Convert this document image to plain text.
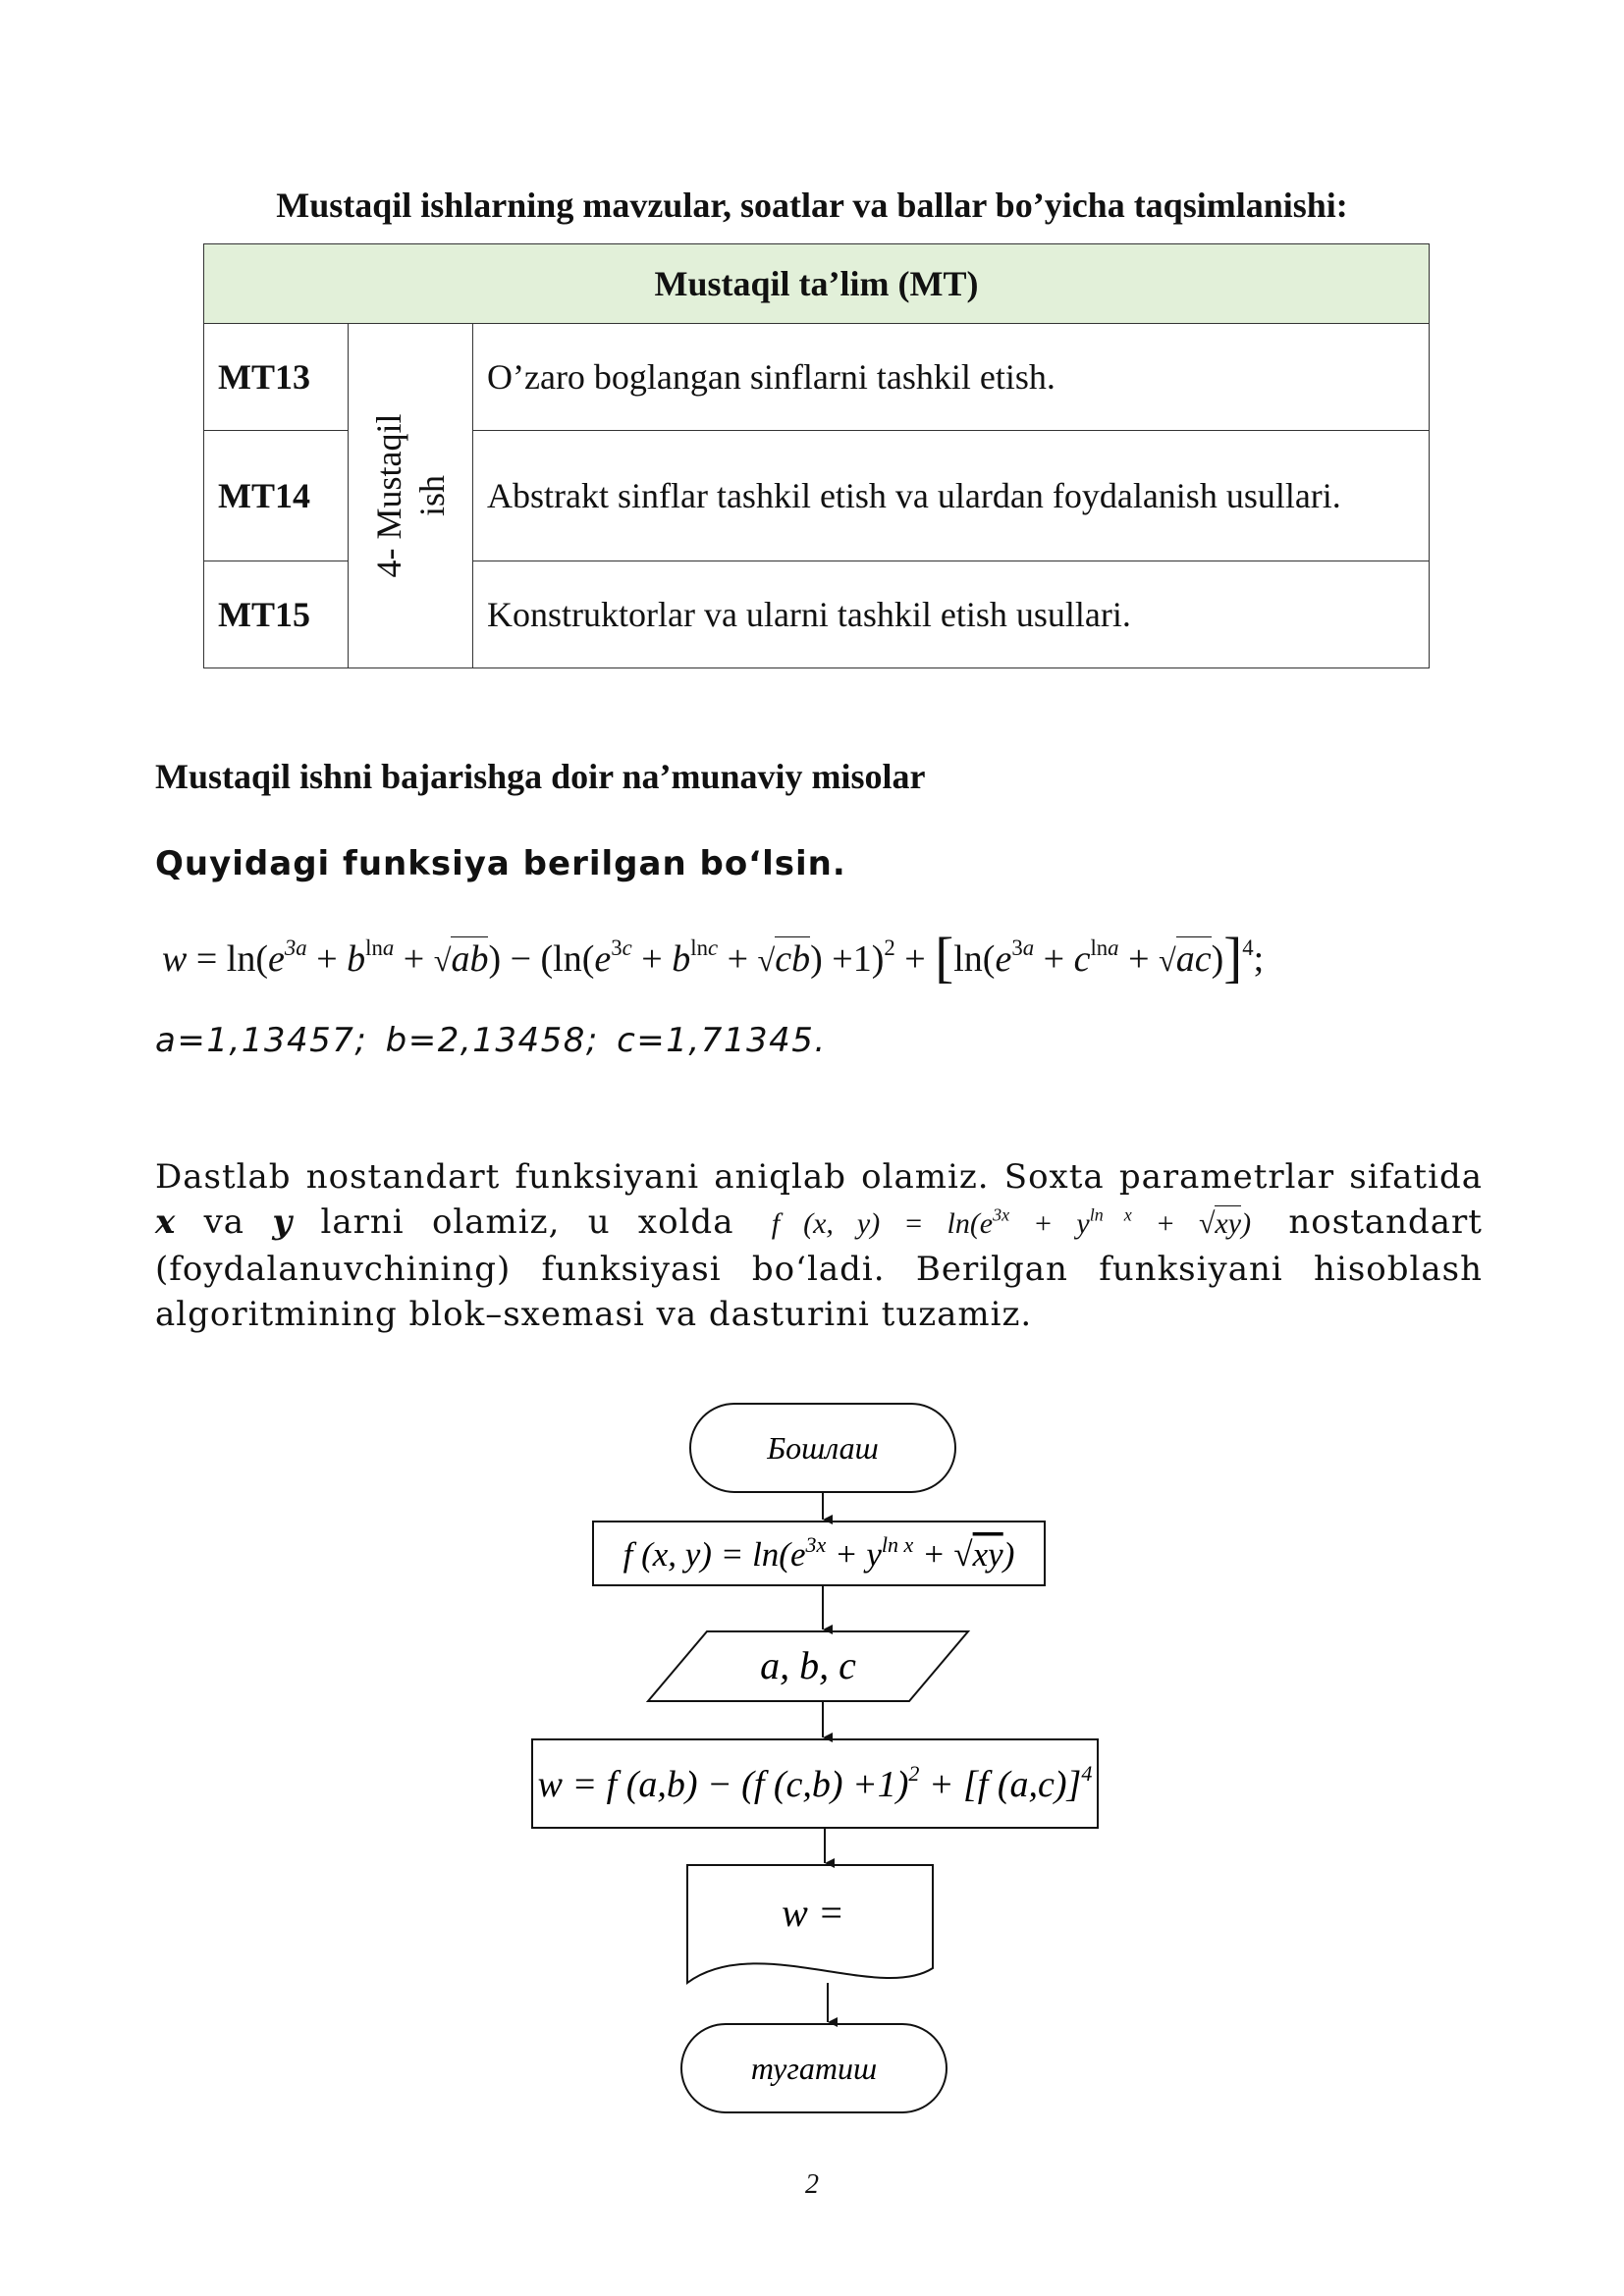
Mustaqil ishlarning mavzular, soatlar va ballar bo’yicha taqsimlanishi:
Mustaqil ta’lim (MT)		
MT13	4- Mustaqil ish	O’zaro boglangan sinflarni tashkil etish.
MT14		Abstrakt sinflar tashkil etish va ulardan foydalanish usullari.
MT15		Konstruktorlar va ularni tashkil etish usullari.
Mustaqil ishni bajarishga doir na’munaviy misolar
Quyidagi funksiya berilgan bo‘lsin.
$w = \ln(e^{3a} + b^{lna} + √ab) - (\ln(e^{3c} + b^{lnc} + √cb) +1)^2 + [\ln(e^{3a} + c^{lna} + √ac)]^4$;
a=1,13457; b=2,13458; c=1,71345.
Dastlab nostandart funksiyani aniqlab olamiz. Soxta parametrlar sifatida x va y larni olamiz, u xolda f (x, $y) = \ln(e^{3x} + y^{ln x} + √xy)$ nostandart (foydalanuvchining) funksiyasi bo‘ladi. Berilgan funksiyani hisoblash algoritmining blok–sxemasi va dasturini tuzamiz.
Бошлаш
f (x, $y) = \ln(e^{3x} + y^{ln x} + √xy)$
a, b, c
w = f (a,b) − (f (c,b) +1)$^2$ + [f (a,c)]$^4$
w =
тугатиш
2
